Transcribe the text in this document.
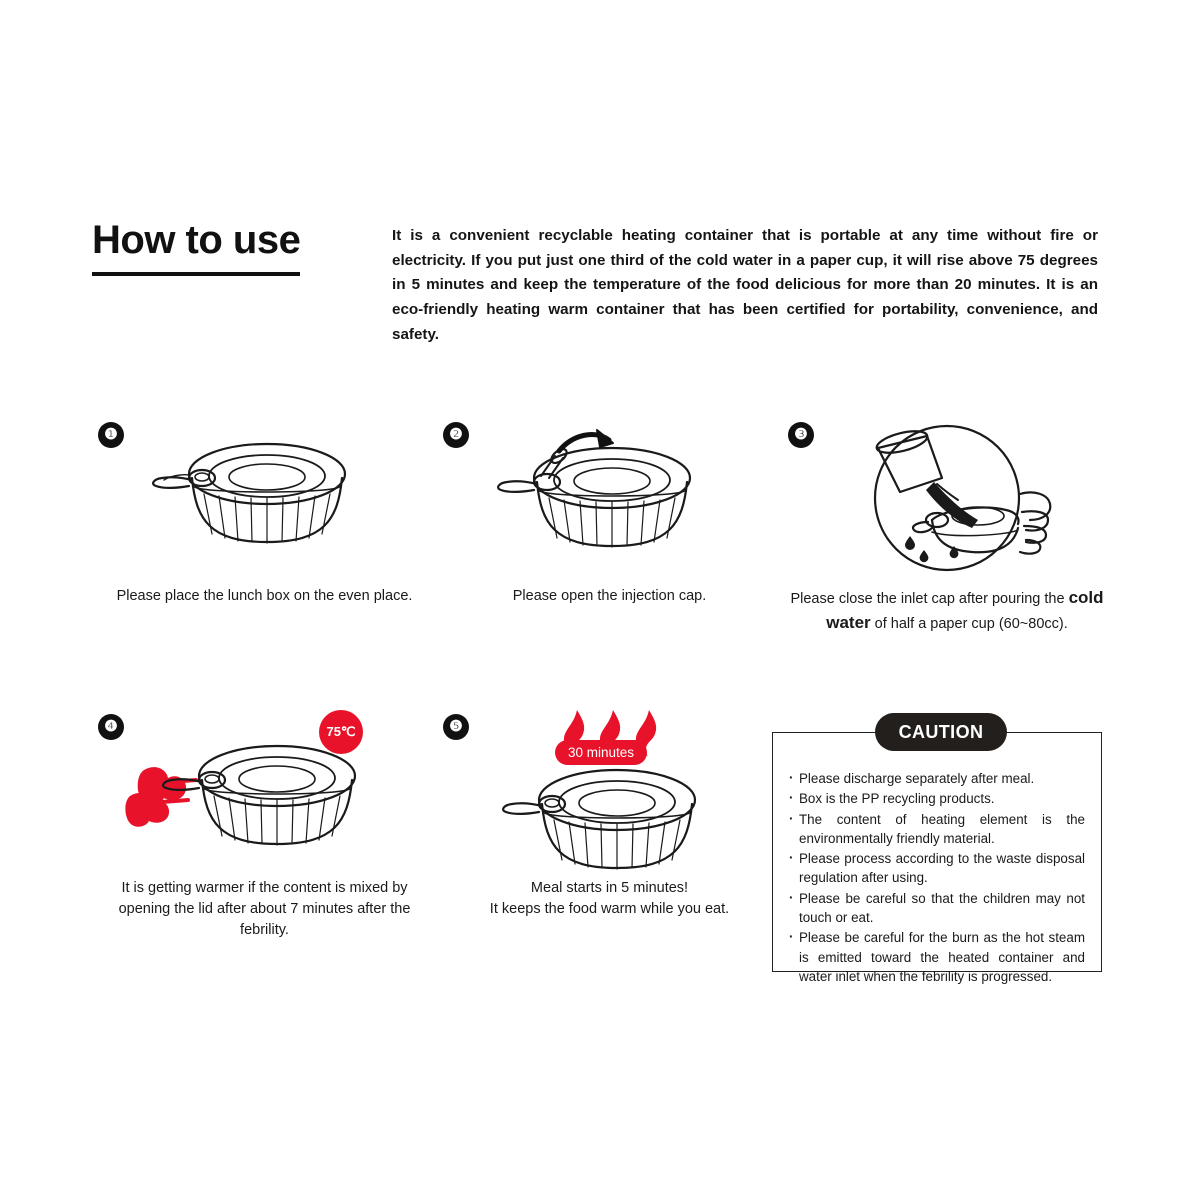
How to use	It is a convenient recyclable heating container that is portable at any time without fire or electricity. If you put just one third of the cold water in a paper cup, it will rise above 75 degrees in 5 minutes and keep the temperature of the food delicious for more than 20 minutes. It is an eco-friendly heating warm container that has been certified for portability, convenience, and safety.
❶
Please place the lunch box on the even place.
❷
Please open the injection cap.
❸
Please close the inlet cap after pouring the cold water of half a paper cup (60~80cc).
❹	75℃
It is getting warmer if the content is mixed by opening the lid after about 7 minutes after the febrility.
❺
30 minutes
Meal starts in 5 minutes!
It keeps the food warm while you eat.
CAUTION
· Please discharge separately after meal.
· Box is the PP recycling products.
· The content of heating element is the environmentally friendly material.
· Please process according to the waste disposal regulation after using.
· Please be careful so that the children may not touch or eat.
· Please be careful for the burn as the hot steam is emitted toward the heated container and water inlet when the febrility is progressed.
